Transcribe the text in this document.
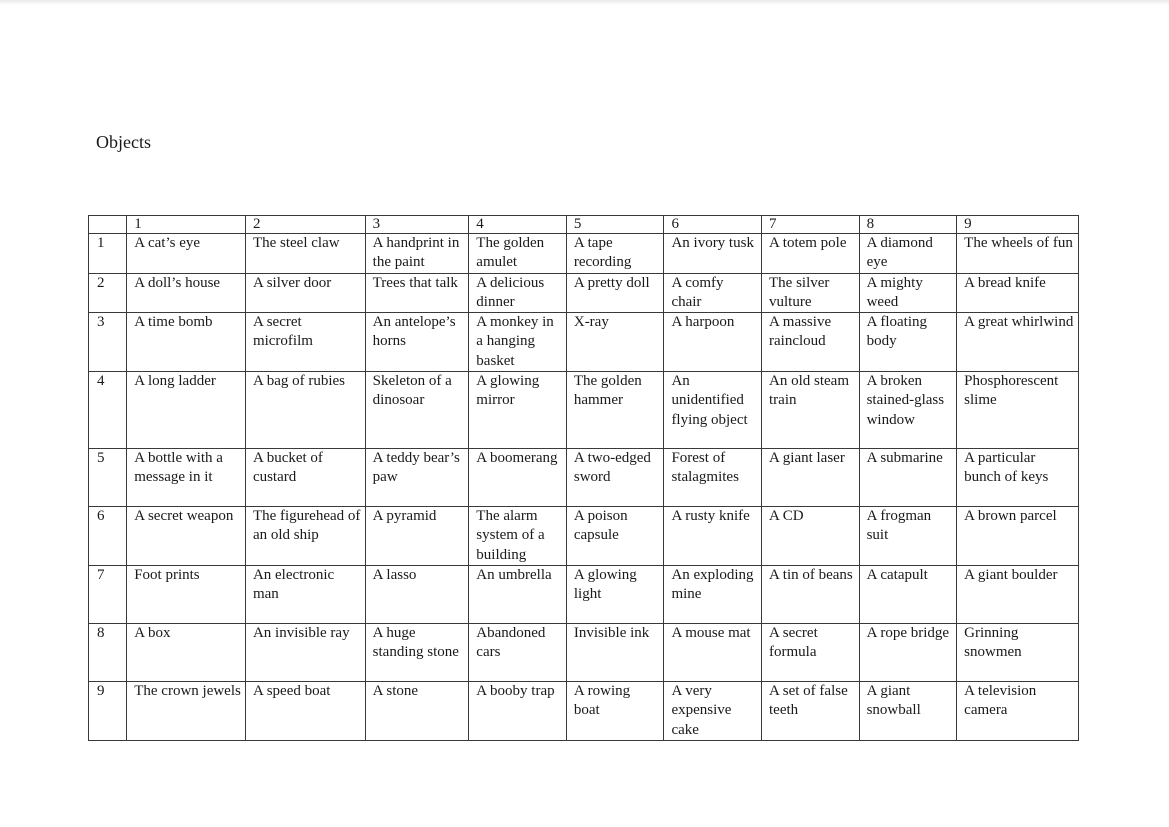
Objects
	1	2	3	4	5	6	7	8	9
1	A cat’s eye	The steel claw	A handprint in the paint	The golden amulet	A tape recording	An ivory tusk	A totem pole	A diamond eye	The wheels of fun
2	A doll’s house	A silver door	Trees that talk	A delicious dinner	A pretty doll	A comfy chair	The silver vulture	A mighty weed	A bread knife
3	A time bomb	A secret microfilm	An antelope’s horns	A monkey in a hanging basket	X-ray	A harpoon	A massive raincloud	A floating body	A great whirlwind
4	A long ladder	A bag of rubies	Skeleton of a dinosoar	A glowing mirror	The golden hammer	An unidentified flying object	An old steam train	A broken stained-glass window	Phosphorescent slime
5	A bottle with a message in it	A bucket of custard	A teddy bear’s paw	A boomerang	A two-edged sword	Forest of stalagmites	A giant laser	A submarine	A particular bunch of keys
6	A secret weapon	The figurehead of an old ship	A pyramid	The alarm system of a building	A poison capsule	A rusty knife	A CD	A frogman suit	A brown parcel
7	Foot prints	An electronic man	A lasso	An umbrella	A glowing light	An exploding mine	A tin of beans	A catapult	A giant boulder
8	A box	An invisible ray	A huge standing stone	Abandoned cars	Invisible ink	A mouse mat	A secret formula	A rope bridge	Grinning snowmen
9	The crown jewels	A speed boat	A stone	A booby trap	A rowing boat	A very expensive cake	A set of false teeth	A giant snowball	A television camera
